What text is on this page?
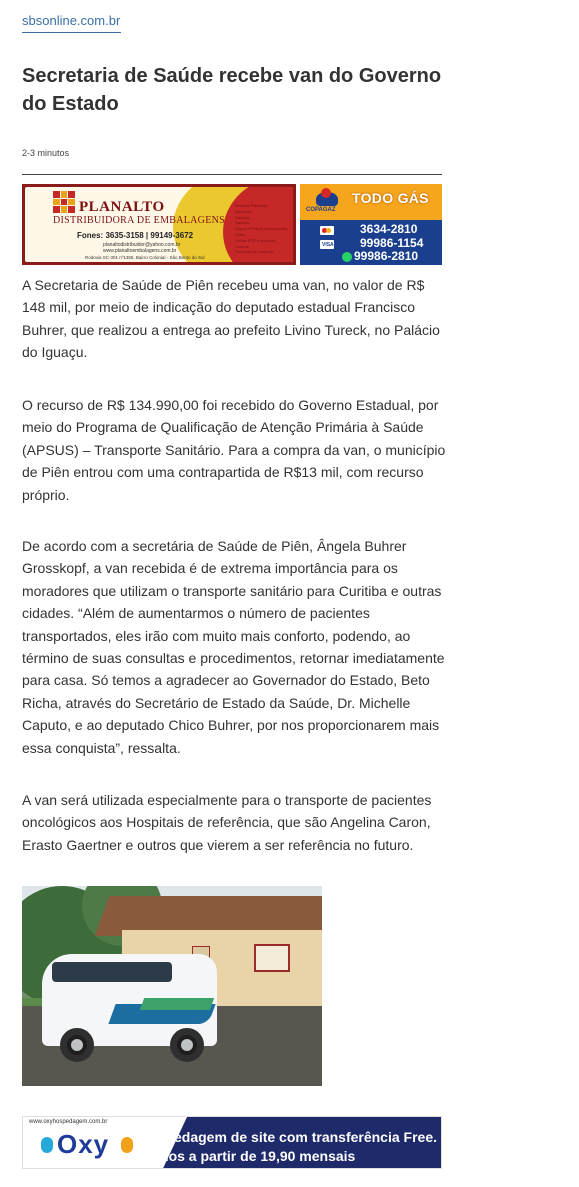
sbsonline.com.br
Secretaria de Saúde recebe van do Governo do Estado
2-3 minutos
PLANALTO
DISTRIBUIDORA DE EMBALAGENS
Fones: 3635-3158 | 99149-3672
planaltodistribuidor@yahoo.com.br
www.planaltoembalagens.com.br
Rodovia SC-301 nº1355, Bairro Colonial - São Bento do Sul
Bobinas Plásticas,
Marmitex,
Sacolas,
Sacolas,
Copos e Pratos Descartáveis,
Potes,
Linhas EPS e Acrílicos,
Lixeiras,
Produtos de Limpeza.
COPAGAZ
TODO GÁS
VISA
3634-2810
99986-1154
99986-2810

A Secretaria de Saúde de Piên recebeu uma van, no valor de R$ 148 mil, por meio de indicação do deputado estadual Francisco Buhrer, que realizou a entrega ao prefeito Livino Tureck, no Palácio do Iguaçu.

O recurso de R$ 134.990,00 foi recebido do Governo Estadual, por meio do Programa de Qualificação de Atenção Primária à Saúde (APSUS) – Transporte Sanitário. Para a compra da van, o município de Piên entrou com uma contrapartida de R$13 mil, com recurso próprio.

De acordo com a secretária de Saúde de Piên, Ângela Buhrer Grosskopf, a van recebida é de extrema importância para os moradores que utilizam o transporte sanitário para Curitiba e outras cidades. “Além de aumentarmos o número de pacientes transportados, eles irão com muito mais conforto, podendo, ao término de suas consultas e procedimentos, retornar imediatamente para casa. Só temos a agradecer ao Governador do Estado, Beto Richa, através do Secretário de Estado da Saúde, Dr. Michelle Caputo, e ao deputado Chico Buhrer, por nos proporcionarem mais essa conquista”, ressalta.

A van será utilizada especialmente para o transporte de pacientes oncológicos aos Hospitais de referência, que são Angelina Caron, Erasto Gaertner e outros que vierem a ser referência no futuro.

www.oxyhospedagem.com.br
Oxy Hospedagem de site com transferência Free.
Planos a partir de 19,90 mensais
